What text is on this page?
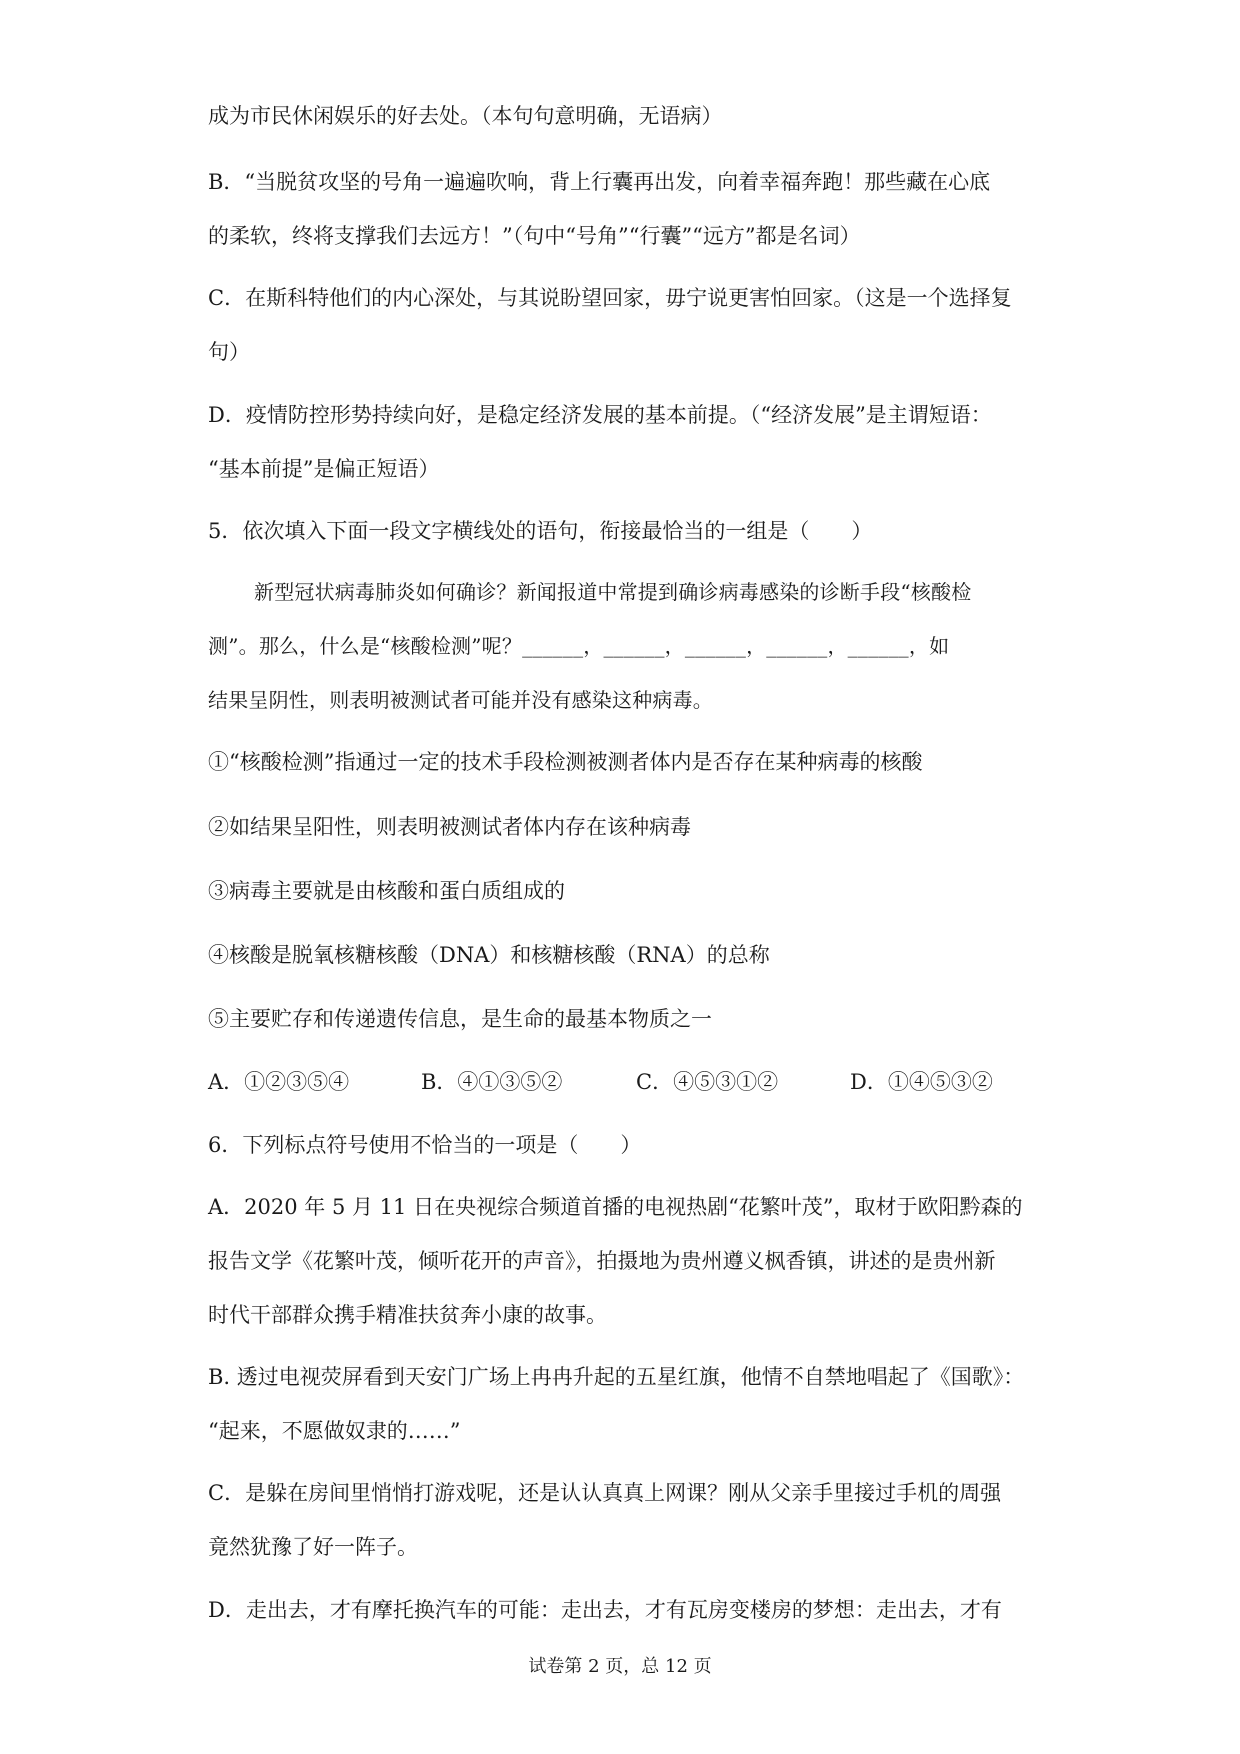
成为市民休闲娱乐的好去处。（本句句意明确，无语病）
B．“当脱贫攻坚的号角一遍遍吹响，背上行囊再出发，向着幸福奔跑！那些藏在心底
的柔软，终将支撑我们去远方！”（句中“号角”“行囊”“远方”都是名词）
C．在斯科特他们的内心深处，与其说盼望回家，毋宁说更害怕回家。（这是一个选择复
句）
D．疫情防控形势持续向好，是稳定经济发展的基本前提。（“经济发展”是主谓短语：
“基本前提”是偏正短语）
5．依次填入下面一段文字横线处的语句，衔接最恰当的一组是（　　）
新型冠状病毒肺炎如何确诊？新闻报道中常提到确诊病毒感染的诊断手段“核酸检
测”。那么，什么是“核酸检测”呢？______，______，______，______，______，如
结果呈阴性，则表明被测试者可能并没有感染这种病毒。
①“核酸检测”指通过一定的技术手段检测被测者体内是否存在某种病毒的核酸
②如结果呈阳性，则表明被测试者体内存在该种病毒
③病毒主要就是由核酸和蛋白质组成的
④核酸是脱氧核糖核酸（DNA）和核糖核酸（RNA）的总称
⑤主要贮存和传递遗传信息，是生命的最基本物质之一
A．①②③⑤④	B．④①③⑤②	C．④⑤③①②	D．①④⑤③②
6．下列标点符号使用不恰当的一项是（　　）
A．2020 年 5 月 11 日在央视综合频道首播的电视热剧“花繁叶茂”，取材于欧阳黔森的
报告文学《花繁叶茂，倾听花开的声音》，拍摄地为贵州遵义枫香镇，讲述的是贵州新
时代干部群众携手精准扶贫奔小康的故事。
B. 透过电视荧屏看到天安门广场上冉冉升起的五星红旗，他情不自禁地唱起了《国歌》：
“起来，不愿做奴隶的……”
C．是躲在房间里悄悄打游戏呢，还是认认真真上网课？刚从父亲手里接过手机的周强
竟然犹豫了好一阵子。
D．走出去，才有摩托换汽车的可能：走出去，才有瓦房变楼房的梦想：走出去，才有
试卷第 2 页，总 12 页
